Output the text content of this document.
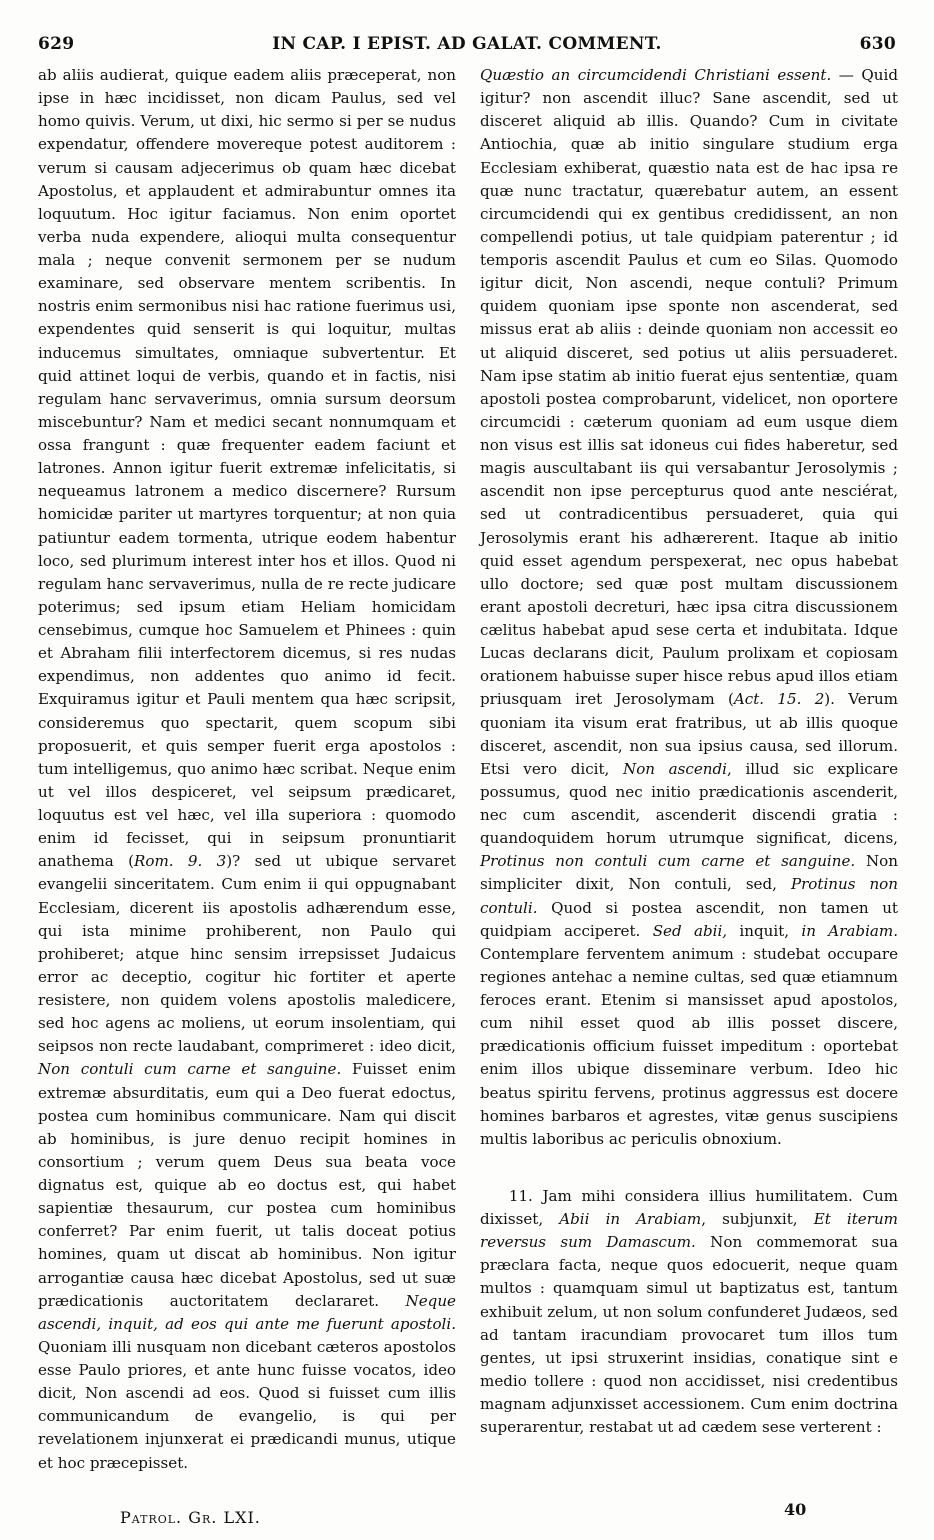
629	IN CAP. I EPIST. AD GALAT. COMMENT.	630

ab aliis audierat, quique eadem aliis præceperat, non ipse in hæc incidisset, non dicam Paulus, sed vel homo quivis. Verum, ut dixi, hic sermo si per se nudus expendatur, offendere movereque potest auditorem : verum si causam adjecerimus ob quam hæc dicebat Apostolus, et applaudent et admirabuntur omnes ita loquutum. Hoc igitur faciamus. Non enim oportet verba nuda expendere, alioqui multa consequentur mala ; neque convenit sermonem per se nudum examinare, sed observare mentem scribentis. In nostris enim sermonibus nisi hac ratione fuerimus usi, expendentes quid senserit is qui loquitur, multas inducemus simultates, omniaque subvertentur. Et quid attinet loqui de verbis, quando et in factis, nisi regulam hanc servaverimus, omnia sursum deorsum miscebuntur? Nam et medici secant nonnumquam et ossa frangunt : quæ frequenter eadem faciunt et latrones. Annon igitur fuerit extremæ infelicitatis, si nequeamus latronem a medico discernere? Rursum homicidæ pariter ut martyres torquentur; at non quia patiuntur eadem tormenta, utrique eodem habentur loco, sed plurimum interest inter hos et illos. Quod ni regulam hanc servaverimus, nulla de re recte judicare poterimus; sed ipsum etiam Heliam homicidam censebimus, cumque hoc Samuelem et Phinees : quin et Abraham filii interfectorem dicemus, si res nudas expendimus, non addentes quo animo id fecit. Exquiramus igitur et Pauli mentem qua hæc scripsit, consideremus quo spectarit, quem scopum sibi proposuerit, et quis semper fuerit erga apostolos : tum intelligemus, quo animo hæc scribat. Neque enim ut vel illos despiceret, vel seipsum prædicaret, loquutus est vel hæc, vel illa superiora : quomodo enim id fecisset, qui in seipsum pronuntiarit anathema (Rom. 9. 3)? sed ut ubique servaret evangelii sinceritatem. Cum enim ii qui oppugnabant Ecclesiam, dicerent iis apostolis adhærendum esse, qui ista minime prohiberent, non Paulo qui prohiberet; atque hinc sensim irrepsisset Judaicus error ac deceptio, cogitur hic fortiter et aperte resistere, non quidem volens apostolis maledicere, sed hoc agens ac moliens, ut eorum insolentiam, qui seipsos non recte laudabant, comprimeret : ideo dicit, Non contuli cum carne et sanguine. Fuisset enim extremæ absurditatis, eum qui a Deo fuerat edoctus, postea cum hominibus communicare. Nam qui discit ab hominibus, is jure denuo recipit homines in consortium ; verum quem Deus sua beata voce dignatus est, quique ab eo doctus est, qui habet sapientiæ thesaurum, cur postea cum hominibus conferret? Par enim fuerit, ut talis doceat potius homines, quam ut discat ab hominibus. Non igitur arrogantiæ causa hæc dicebat Apostolus, sed ut suæ prædicationis auctoritatem declararet. Neque ascendi, inquit, ad eos qui ante me fuerunt apostoli. Quoniam illi nusquam non dicebant cæteros apostolos esse Paulo priores, et ante hunc fuisse vocatos, ideo dicit, Non ascendi ad eos. Quod si fuisset cum illis communicandum de evangelio, is qui per revelationem injunxerat ei prædicandi munus, utique et hoc præcepisset.

Quæstio an circumcidendi Christiani essent. — Quid igitur? non ascendit illuc? Sane ascendit, sed ut disceret aliquid ab illis. Quando? Cum in civitate Antiochia, quæ ab initio singulare studium erga Ecclesiam exhiberat, quæstio nata est de hac ipsa re quæ nunc tractatur, quærebatur autem, an essent circumcidendi qui ex gentibus credidissent, an non compellendi potius, ut tale quidpiam paterentur ; id temporis ascendit Paulus et cum eo Silas. Quomodo igitur dicit, Non ascendi, neque contuli? Primum quidem quoniam ipse sponte non ascenderat, sed missus erat ab aliis : deinde quoniam non accessit eo ut aliquid disceret, sed potius ut aliis persuaderet. Nam ipse statim ab initio fuerat ejus sententiæ, quam apostoli postea comprobarunt, videlicet, non oportere circumcidi : cæterum quoniam ad eum usque diem non visus est illis sat idoneus cui fides haberetur, sed magis auscultabant iis qui versabantur Jerosolymis ; ascendit non ipse percepturus quod ante nesciérat, sed ut contradicentibus persuaderet, quia qui Jerosolymis erant his adhærerent. Itaque ab initio quid esset agendum perspexerat, nec opus habebat ullo doctore; sed quæ post multam discussionem erant apostoli decreturi, hæc ipsa citra discussionem cælitus habebat apud sese certa et indubitata. Idque Lucas declarans dicit, Paulum prolixam et copiosam orationem habuisse super hisce rebus apud illos etiam priusquam iret Jerosolymam (Act. 15. 2). Verum quoniam ita visum erat fratribus, ut ab illis quoque disceret, ascendit, non sua ipsius causa, sed illorum. Etsi vero dicit, Non ascendi, illud sic explicare possumus, quod nec initio prædicationis ascenderit, nec cum ascendit, ascenderit discendi gratia : quandoquidem horum utrumque significat, dicens, Protinus non contuli cum carne et sanguine. Non simpliciter dixit, Non contuli, sed, Protinus non contuli. Quod si postea ascendit, non tamen ut quidpiam acciperet. Sed abii, inquit, in Arabiam. Contemplare ferventem animum : studebat occupare regiones antehac a nemine cultas, sed quæ etiamnum feroces erant. Etenim si mansisset apud apostolos, cum nihil esset quod ab illis posset discere, prædicationis officium fuisset impeditum : oportebat enim illos ubique disseminare verbum. Ideo hic beatus spiritu fervens, protinus aggressus est docere homines barbaros et agrestes, vitæ genus suscipiens multis laboribus ac periculis obnoxium.

11. Jam mihi considera illius humilitatem. Cum dixisset, Abii in Arabiam, subjunxit, Et iterum reversus sum Damascum. Non commemorat sua præclara facta, neque quos edocuerit, neque quam multos : quamquam simul ut baptizatus est, tantum exhibuit zelum, ut non solum confunderet Judæos, sed ad tantam iracundiam provocaret tum illos tum gentes, ut ipsi struxerint insidias, conatique sint e medio tollere : quod non accidisset, nisi credentibus magnam adjunxisset accessionem. Cum enim doctrina superarentur, restabat ut ad cædem sese verterent :

Patrol. Gr. LXI.	40
